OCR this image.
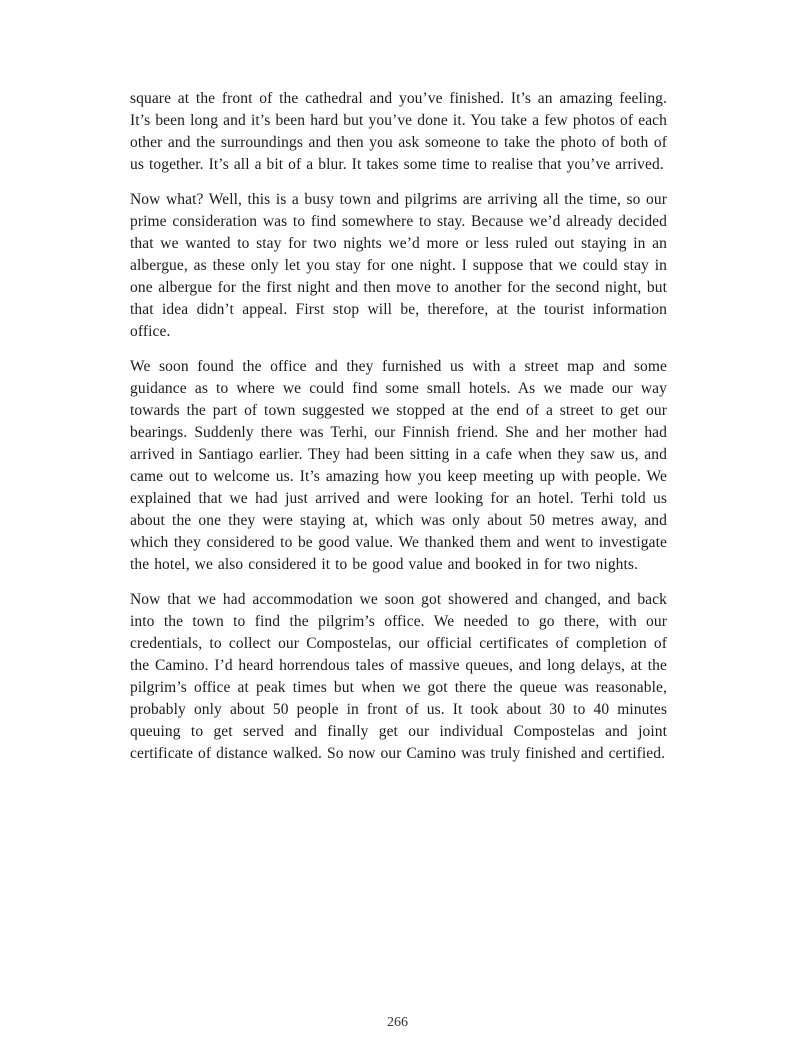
square at the front of the cathedral and you’ve finished. It’s an amazing feeling. It’s been long and it’s been hard but you’ve done it. You take a few photos of each other and the surroundings and then you ask someone to take the photo of both of us together. It’s all a bit of a blur. It takes some time to realise that you’ve arrived.

Now what? Well, this is a busy town and pilgrims are arriving all the time, so our prime consideration was to find somewhere to stay. Because we’d already decided that we wanted to stay for two nights we’d more or less ruled out staying in an albergue, as these only let you stay for one night. I suppose that we could stay in one albergue for the first night and then move to another for the second night, but that idea didn’t appeal. First stop will be, therefore, at the tourist information office.

We soon found the office and they furnished us with a street map and some guidance as to where we could find some small hotels. As we made our way towards the part of town suggested we stopped at the end of a street to get our bearings. Suddenly there was Terhi, our Finnish friend. She and her mother had arrived in Santiago earlier. They had been sitting in a cafe when they saw us, and came out to welcome us. It’s amazing how you keep meeting up with people. We explained that we had just arrived and were looking for an hotel. Terhi told us about the one they were staying at, which was only about 50 metres away, and which they considered to be good value. We thanked them and went to investigate the hotel, we also considered it to be good value and booked in for two nights.

Now that we had accommodation we soon got showered and changed, and back into the town to find the pilgrim’s office. We needed to go there, with our credentials, to collect our Compostelas, our official certificates of completion of the Camino. I’d heard horrendous tales of massive queues, and long delays, at the pilgrim’s office at peak times but when we got there the queue was reasonable, probably only about 50 people in front of us. It took about 30 to 40 minutes queuing to get served and finally get our individual Compostelas and joint certificate of distance walked. So now our Camino was truly finished and certified.

266
